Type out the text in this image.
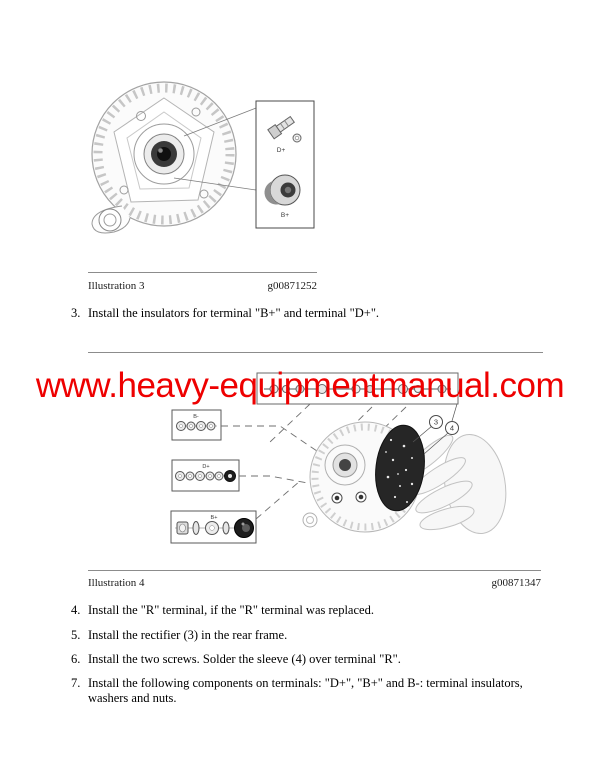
D+
B+
Illustration 3	g00871252
3. Install the insulators for terminal "B+" and terminal "D+".
B-
D+
B+
3
4
www.heavy-equipmentmanual.com
Illustration 4	g00871347
4. Install the "R" terminal, if the "R" terminal was replaced.
5. Install the rectifier (3) in the rear frame.
6. Install the two screws. Solder the sleeve (4) over terminal "R".
7. Install the following components on terminals: "D+", "B+" and B-: terminal insulators, washers and nuts.
